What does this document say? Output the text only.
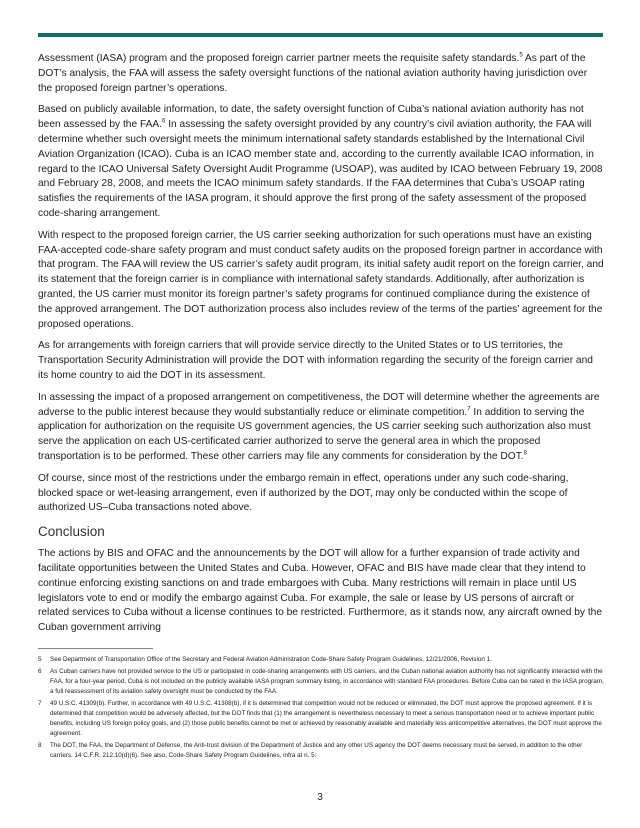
Assessment (IASA) program and the proposed foreign carrier partner meets the requisite safety standards.$^5$ As part of the DOT’s analysis, the FAA will assess the safety oversight functions of the national aviation authority having jurisdiction over the proposed foreign partner’s operations.

Based on publicly available information, to date, the safety oversight function of Cuba’s national aviation authority has not been assessed by the FAA.$^6$ In assessing the safety oversight provided by any country’s civil aviation authority, the FAA will determine whether such oversight meets the minimum international safety standards established by the International Civil Aviation Organization (ICAO). Cuba is an ICAO member state and, according to the currently available ICAO information, in regard to the ICAO Universal Safety Oversight Audit Programme (USOAP), was audited by ICAO between February 19, 2008 and February 28, 2008, and meets the ICAO minimum safety standards. If the FAA determines that Cuba’s USOAP rating satisfies the requirements of the IASA program, it should approve the first prong of the safety assessment of the proposed code-sharing arrangement.

With respect to the proposed foreign carrier, the US carrier seeking authorization for such operations must have an existing FAA-accepted code-share safety program and must conduct safety audits on the proposed foreign partner in accordance with that program. The FAA will review the US carrier’s safety audit program, its initial safety audit report on the foreign carrier, and its statement that the foreign carrier is in compliance with international safety standards. Additionally, after authorization is granted, the US carrier must monitor its foreign partner’s safety programs for continued compliance during the existence of the approved arrangement. The DOT authorization process also includes review of the terms of the parties’ agreement for the proposed operations.

As for arrangements with foreign carriers that will provide service directly to the United States or to US territories, the Transportation Security Administration will provide the DOT with information regarding the security of the foreign carrier and its home country to aid the DOT in its assessment.

In assessing the impact of a proposed arrangement on competitiveness, the DOT will determine whether the agreements are adverse to the public interest because they would substantially reduce or eliminate competition.$^7$ In addition to serving the application for authorization on the requisite US government agencies, the US carrier seeking such authorization also must serve the application on each US-certificated carrier authorized to serve the general area in which the proposed transportation is to be performed. These other carriers may file any comments for consideration by the DOT.$^8$

Of course, since most of the restrictions under the embargo remain in effect, operations under any such code-sharing, blocked space or wet-leasing arrangement, even if authorized by the DOT, may only be conducted within the scope of authorized US–Cuba transactions noted above.

Conclusion

The actions by BIS and OFAC and the announcements by the DOT will allow for a further expansion of trade activity and facilitate opportunities between the United States and Cuba. However, OFAC and BIS have made clear that they intend to continue enforcing existing sanctions on and trade embargoes with Cuba. Many restrictions will remain in place until US legislators vote to end or modify the embargo against Cuba. For example, the sale or lease by US persons of aircraft or related services to Cuba without a license continues to be restricted. Furthermore, as it stands now, any aircraft owned by the Cuban government arriving

5	See Department of Transportation Office of the Secretary and Federal Aviation Administration Code-Share Safety Program Guidelines, 12/21/2006, Revision 1.
6	As Cuban carriers have not provided service to the US or participated in code-sharing arrangements with US carriers, and the Cuban national aviation authority has not significantly interacted with the FAA, for a four-year period, Cuba is not included on the publicly available IASA program summary listing, in accordance with standard FAA procedures. Before Cuba can be rated in the IASA program, a full reassessment of its aviation safety oversight must be conducted by the FAA.
7	49 U.S.C. 41309(b). Further, in accordance with 49 U.S.C. 41308(b), if it is determined that competition would not be reduced or eliminated, the DOT must approve the proposed agreement. If it is determined that competition would be adversely affected, but the DOT finds that (1) the arrangement is nevertheless necessary to meet a serious transportation need or to achieve important public benefits, including US foreign policy goals, and (2) those public benefits cannot be met or achieved by reasonably available and materially less anticompetitive alternatives, the DOT must approve the agreement.
8	The DOT, the FAA, the Department of Defense, the Anti-trust division of the Department of Justice and any other US agency the DOT deems necessary must be served, in addition to the other carriers. 14 C.F.R. 212.10(d)(6). See also, Code-Share Safety Program Guidelines, infra at n. 5.
3
